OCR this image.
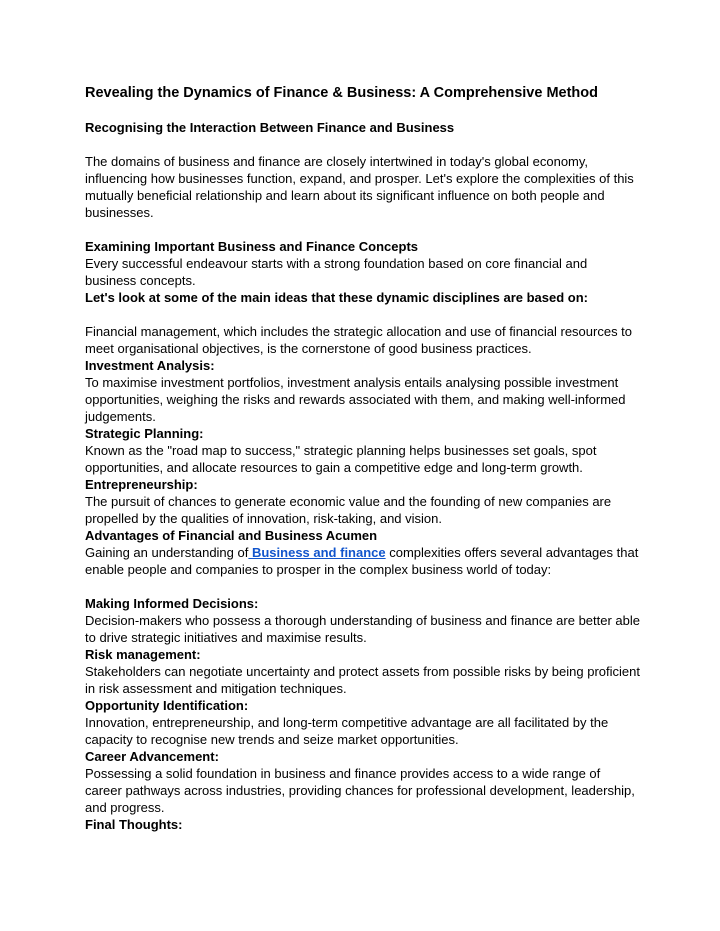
Revealing the Dynamics of Finance & Business: A Comprehensive Method

Recognising the Interaction Between Finance and Business

The domains of business and finance are closely intertwined in today's global economy, influencing how businesses function, expand, and prosper. Let's explore the complexities of this mutually beneficial relationship and learn about its significant influence on both people and businesses.

Examining Important Business and Finance Concepts

Every successful endeavour starts with a strong foundation based on core financial and business concepts.

Let's look at some of the main ideas that these dynamic disciplines are based on:

Financial management, which includes the strategic allocation and use of financial resources to meet organisational objectives, is the cornerstone of good business practices.

Investment Analysis:

To maximise investment portfolios, investment analysis entails analysing possible investment opportunities, weighing the risks and rewards associated with them, and making well-informed judgements.

Strategic Planning:

Known as the "road map to success," strategic planning helps businesses set goals, spot opportunities, and allocate resources to gain a competitive edge and long-term growth.

Entrepreneurship:

The pursuit of chances to generate economic value and the founding of new companies are propelled by the qualities of innovation, risk-taking, and vision.

Advantages of Financial and Business Acumen

Gaining an understanding of Business and finance complexities offers several advantages that enable people and companies to prosper in the complex business world of today:

Making Informed Decisions:

Decision-makers who possess a thorough understanding of business and finance are better able to drive strategic initiatives and maximise results.

Risk management:

Stakeholders can negotiate uncertainty and protect assets from possible risks by being proficient in risk assessment and mitigation techniques.

Opportunity Identification:

Innovation, entrepreneurship, and long-term competitive advantage are all facilitated by the capacity to recognise new trends and seize market opportunities.

Career Advancement:

Possessing a solid foundation in business and finance provides access to a wide range of career pathways across industries, providing chances for professional development, leadership, and progress.

Final Thoughts:
